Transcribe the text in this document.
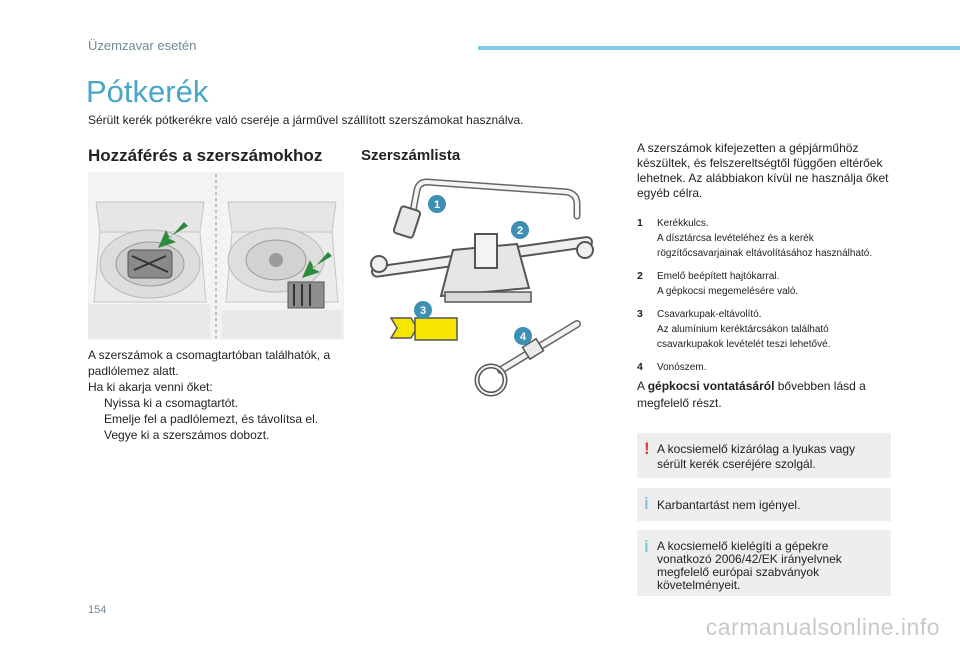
Üzemzavar esetén
Pótkerék
Sérült kerék pótkerékre való cseréje a járművel szállított szerszámokat használva.
Hozzáférés a szerszámokhoz	Szerszámlista

A szerszámok a csomagtartóban találhatók, a padlólemez alatt.

Ha ki akarja venni őket:

Nyissa ki a csomagtartót.
Emelje fel a padlólemezt, és távolítsa el.
Vegye ki a szerszámos dobozt.
1
2
3
4
A szerszámok kifejezetten a gépjárműhöz készültek, és felszereltségtől függően eltérőek lehetnek. Az alábbiakon kívül ne használja őket egyéb célra.
1	Kerékkulcs.
A dísztárcsa levételéhez és a kerék rögzítőcsavarjainak eltávolításához használható.
2	Emelő beépített hajtókarral.
A gépkocsi megemelésére való.
3	Csavarkupak-eltávolító.
Az alumínium keréktárcsákon található csavarkupakok levételét teszi lehetővé.
4	Vonószem.
A gépkocsi vontatásáról bővebben lásd a megfelelő részt.
! A kocsiemelő kizárólag a lyukas vagy sérült kerék cseréjére szolgál.
i Karbantartást nem igényel.
i A kocsiemelő kielégíti a gépekre vonatkozó 2006/42/EK irányelvnek megfelelő európai szabványok követelményeit.
154
carmanualsonline.info
